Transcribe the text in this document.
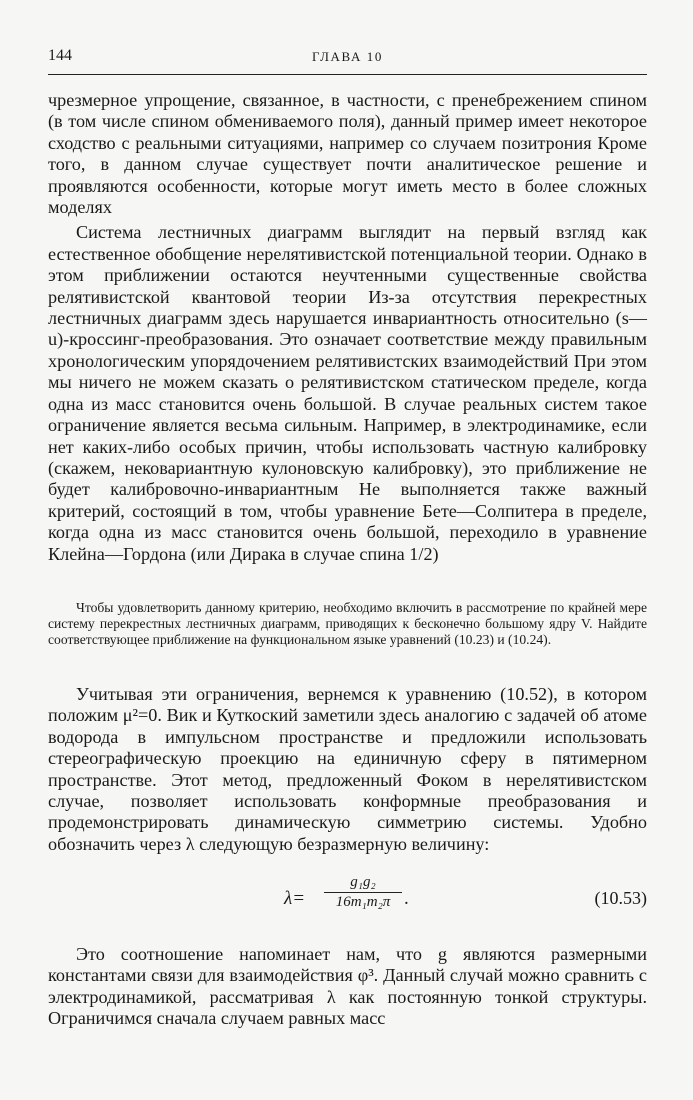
144	ГЛАВА 10

чрезмерное упрощение, связанное, в частности, с пренебрежением спином (в том числе спином обмениваемого поля), данный пример имеет некоторое сходство с реальными ситуациями, например со случаем позитрония Кроме того, в данном случае существует почти аналитическое решение и проявляются особенности, которые могут иметь место в более сложных моделях

Система лестничных диаграмм выглядит на первый взгляд как естественное обобщение нерелятивистской потенциальной теории. Однако в этом приближении остаются неучтенными существенные свойства релятивистской квантовой теории Из-за отсутствия перекрестных лестничных диаграмм здесь нарушается инвариантность относительно (s—u)-кроссинг-преобразования. Это означает соответствие между правильным хронологическим упорядочением релятивистских взаимодействий При этом мы ничего не можем сказать о релятивистском статическом пределе, когда одна из масс становится очень большой. В случае реальных систем такое ограничение является весьма сильным. Например, в электродинамике, если нет каких-либо особых причин, чтобы использовать частную калибровку (скажем, нековариантную кулоновскую калибровку), это приближение не будет калибровочно-инвариантным Не выполняется также важный критерий, состоящий в том, чтобы уравнение Бете—Солпитера в пределе, когда одна из масс становится очень большой, переходило в уравнение Клейна—Гордона (или Дирака в случае спина 1/2)

Чтобы удовлетворить данному критерию, необходимо включить в рассмотрение по крайней мере систему перекрестных лестничных диаграмм, приводящих к бесконечно большому ядру V. Найдите соответствующее приближение на функциональном языке уравнений (10.23) и (10.24).

Учитывая эти ограничения, вернемся к уравнению (10.52), в котором положим μ²=0. Вик и Куткоский заметили здесь аналогию с задачей об атоме водорода в импульсном пространстве и предложили использовать стереографическую проекцию на единичную сферу в пятимерном пространстве. Этот метод, предложенный Фоком в нерелятивистском случае, позволяет использовать конформные преобразования и продемонстрировать динамическую симметрию системы. Удобно обозначить через λ следующую безразмерную величину:

$\lambda= \frac{\text{g₁g₂}}{\text{16m₁m₂π}}$ .	(10.53)

Это соотношение напоминает нам, что g являются размерными константами связи для взаимодействия φ³. Данный случай можно сравнить с электродинамикой, рассматривая λ как постоянную тонкой структуры. Ограничимся сначала случаем равных масс
